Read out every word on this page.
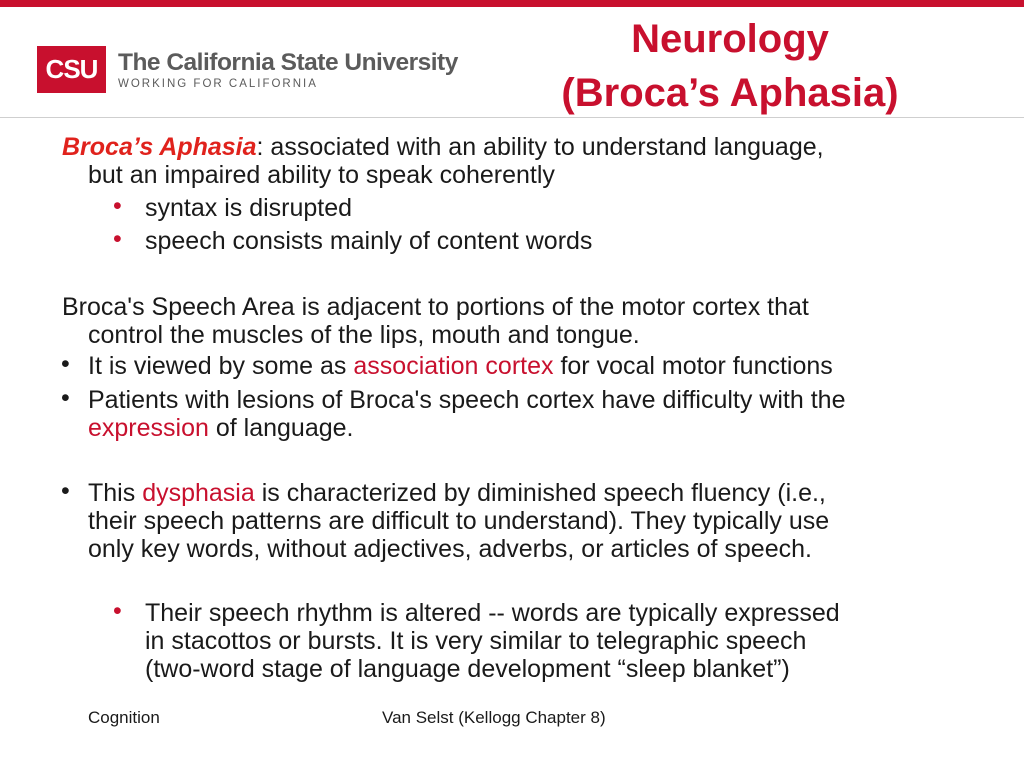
CSU The California State University
WORKING FOR CALIFORNIA
Neurology
(Broca’s Aphasia)
Broca’s Aphasia: associated with an ability to understand language,
but an impaired ability to speak coherently
• syntax is disrupted
• speech consists mainly of content words
Broca's Speech Area is adjacent to portions of the motor cortex that
control the muscles of the lips, mouth and tongue.
• It is viewed by some as association cortex for vocal motor functions
• Patients with lesions of Broca's speech cortex have difficulty with the
expression of language.
• This dysphasia is characterized by diminished speech fluency (i.e.,
their speech patterns are difficult to understand). They typically use
only key words, without adjectives, adverbs, or articles of speech.
• Their speech rhythm is altered -- words are typically expressed
in stacottos or bursts. It is very similar to telegraphic speech
(two-word stage of language development “sleep blanket”)
Cognition	Van Selst (Kellogg Chapter 8)
